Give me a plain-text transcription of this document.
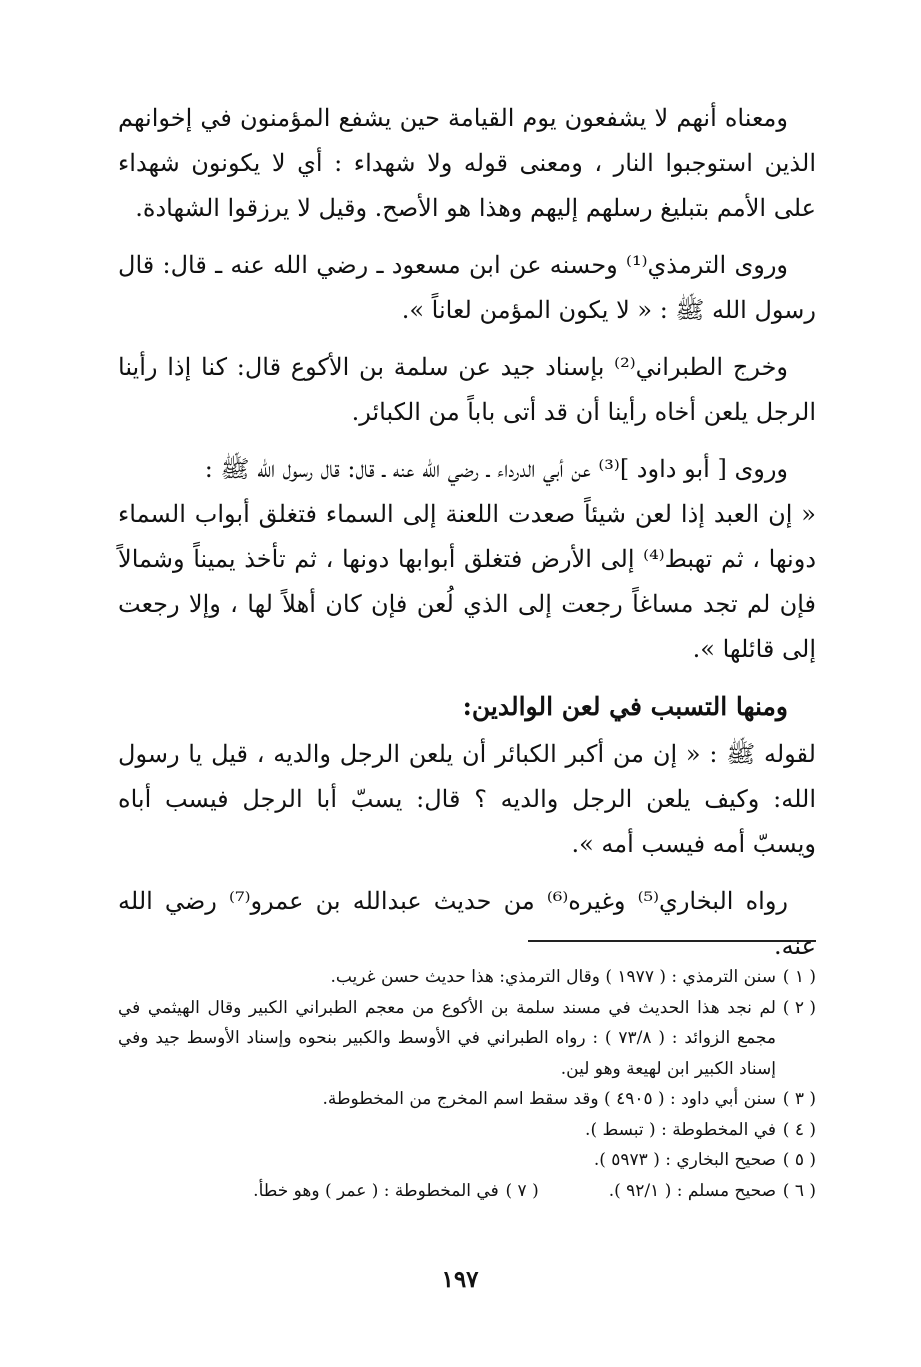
ومعناه أنهم لا يشفعون يوم القيامة حين يشفع المؤمنون في إخوانهم الذين استوجبوا النار ، ومعنى قوله ولا شهداء : أي لا يكونون شهداء على الأمم بتبليغ رسلهم إليهم وهذا هو الأصح. وقيل لا يرزقوا الشهادة.

وروى الترمذي⁽¹⁾ وحسنه عن ابن مسعود ـ رضي الله عنه ـ قال: قال رسول الله ﷺ : « لا يكون المؤمن لعاناً ».

وخرج الطبراني⁽²⁾ بإسناد جيد عن سلمة بن الأكوع قال: كنا إذا رأينا الرجل يلعن أخاه رأينا أن قد أتى باباً من الكبائر.

وروى [ أبو داود ]⁽³⁾ عن أبي الدرداء ـ رضي الله عنه ـ قال: قال رسول الله ﷺ :

« إن العبد إذا لعن شيئاً صعدت اللعنة إلى السماء فتغلق أبواب السماء دونها ، ثم تهبط⁽⁴⁾ إلى الأرض فتغلق أبوابها دونها ، ثم تأخذ يميناً وشمالاً فإن لم تجد مساغاً رجعت إلى الذي لُعن فإن كان أهلاً لها ، وإلا رجعت إلى قائلها ».

ومنها التسبب في لعن الوالدين:

لقوله ﷺ : « إن من أكبر الكبائر أن يلعن الرجل والديه ، قيل يا رسول الله: وكيف يلعن الرجل والديه ؟ قال: يسبّ أبا الرجل فيسب أباه ويسبّ أمه فيسب أمه ».

رواه البخاري⁽⁵⁾ وغيره⁽⁶⁾ من حديث عبدالله بن عمرو⁽⁷⁾ رضي الله عنه.

( ١ )
سنن الترمذي : ( ١٩٧٧ ) وقال الترمذي: هذا حديث حسن غريب.
( ٢ )
لم نجد هذا الحديث في مسند سلمة بن الأكوع من معجم الطبراني الكبير وقال الهيثمي في مجمع الزوائد : ( ٧٣/٨ ) : رواه الطبراني في الأوسط والكبير بنحوه وإسناد الأوسط جيد وفي إسناد الكبير ابن لهيعة وهو لين.
( ٣ )
سنن أبي داود : ( ٤٩٠٥ ) وقد سقط اسم المخرج من المخطوطة.
( ٤ )
في المخطوطة : ( تبسط ).
( ٥ )
صحيح البخاري : ( ٥٩٧٣ ).
( ٦ )
صحيح مسلم : ( ٩٢/١ ).
( ٧ )
في المخطوطة : ( عمر ) وهو خطأ.
١٩٧
